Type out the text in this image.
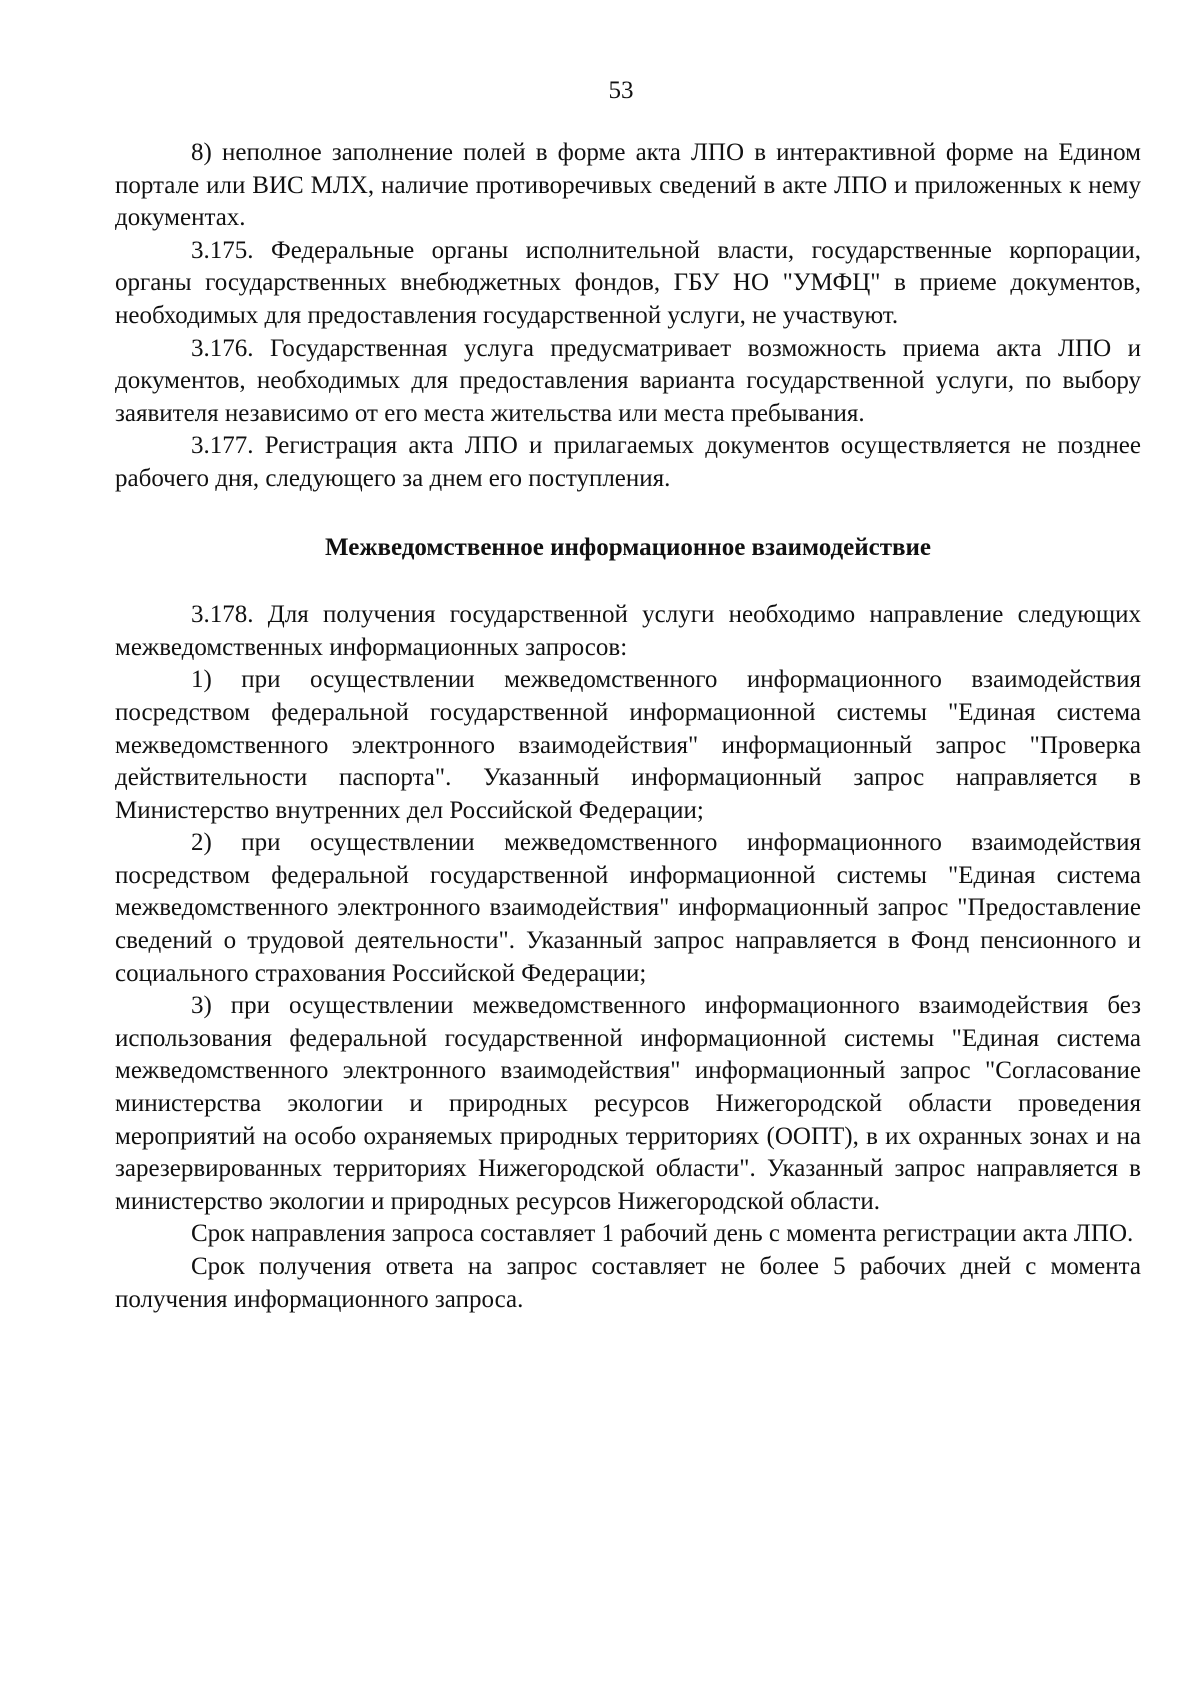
53

8) неполное заполнение полей в форме акта ЛПО в интерактивной форме на Едином портале или ВИС МЛХ, наличие противоречивых сведений в акте ЛПО и приложенных к нему документах.

3.175. Федеральные органы исполнительной власти, государственные корпорации, органы государственных внебюджетных фондов, ГБУ НО "УМФЦ" в приеме документов, необходимых для предоставления государственной услуги, не участвуют.

3.176. Государственная услуга предусматривает возможность приема акта ЛПО и документов, необходимых для предоставления варианта государственной услуги, по выбору заявителя независимо от его места жительства или места пребывания.

3.177. Регистрация акта ЛПО и прилагаемых документов осуществляется не позднее рабочего дня, следующего за днем его поступления.

Межведомственное информационное взаимодействие

3.178. Для получения государственной услуги необходимо направление следующих межведомственных информационных запросов:

1) при осуществлении межведомственного информационного взаимодействия посредством федеральной государственной информационной системы "Единая система межведомственного электронного взаимодействия" информационный запрос "Проверка действительности паспорта". Указанный информационный запрос направляется в Министерство внутренних дел Российской Федерации;

2) при осуществлении межведомственного информационного взаимодействия посредством федеральной государственной информационной системы "Единая система межведомственного электронного взаимодействия" информационный запрос "Предоставление сведений о трудовой деятельности". Указанный запрос направляется в Фонд пенсионного и социального страхования Российской Федерации;

3) при осуществлении межведомственного информационного взаимодействия без использования федеральной государственной информационной системы "Единая система межведомственного электронного взаимодействия" информационный запрос "Согласование министерства экологии и природных ресурсов Нижегородской области проведения мероприятий на особо охраняемых природных территориях (ООПТ), в их охранных зонах и на зарезервированных территориях Нижегородской области". Указанный запрос направляется в министерство экологии и природных ресурсов Нижегородской области.

Срок направления запроса составляет 1 рабочий день с момента регистрации акта ЛПО.

Срок получения ответа на запрос составляет не более 5 рабочих дней с момента получения информационного запроса.
